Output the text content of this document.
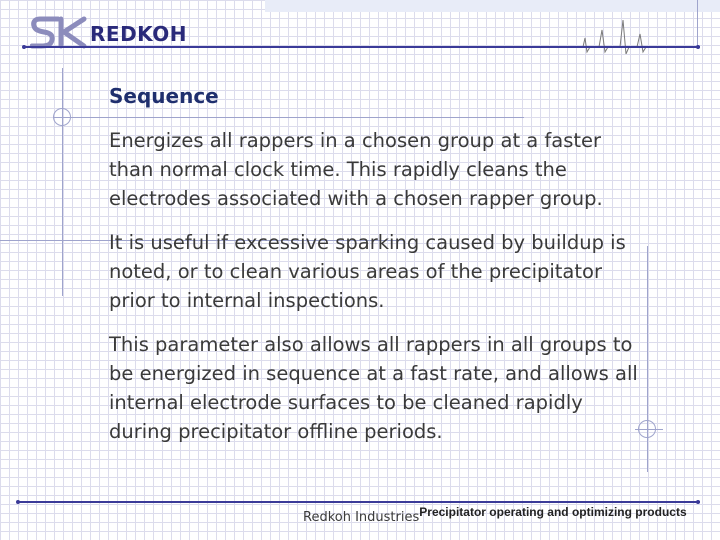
REDKOH
Sequence

Energizes all rappers in a chosen group at a faster than normal clock time. This rapidly cleans the electrodes associated with a chosen rapper group.

It is useful if excessive sparking caused by buildup is noted, or to clean various areas of the precipitator prior to internal inspections.

This parameter also allows all rappers in all groups to be energized in sequence at a fast rate, and allows all internal electrode surfaces to be cleaned rapidly during precipitator offline periods.

Redkoh Industries$^{Precipitator operating and optimizing products}$
